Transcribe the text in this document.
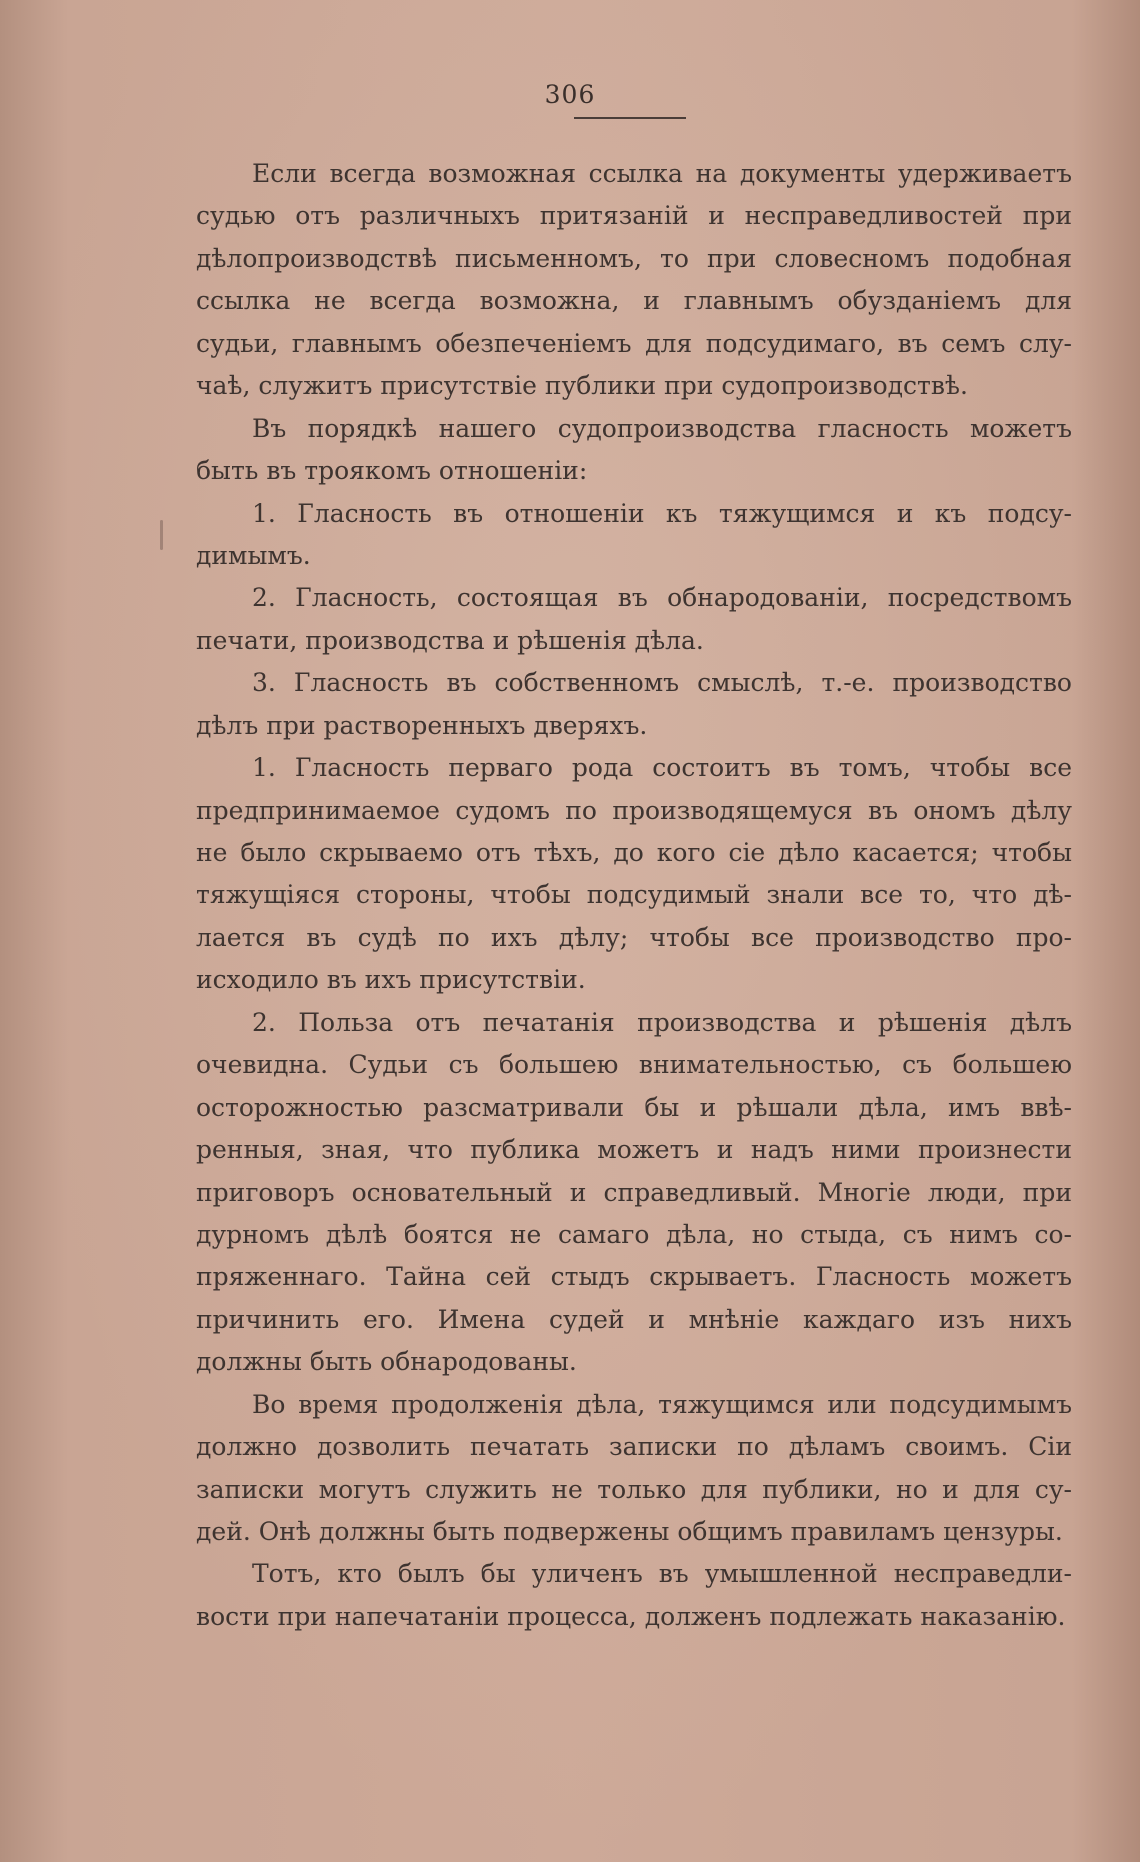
306
Если всегда возможная ссылка на документы удерживаетъ
судью отъ различныхъ притязаній и несправедливостей при
дѣлопроизводствѣ письменномъ, то при словесномъ подобная
ссылка не всегда возможна, и главнымъ обузданіемъ для
судьи, главнымъ обезпеченіемъ для подсудимаго, въ семъ слу-
чаѣ, служитъ присутствіе публики при судопроизводствѣ.
Въ порядкѣ нашего судопроизводства гласность можетъ
быть въ троякомъ отношеніи:
1. Гласность въ отношеніи къ тяжущимся и къ подсу-
димымъ.
2. Гласность, состоящая въ обнародованіи, посредствомъ
печати, производства и рѣшенія дѣла.
3. Гласность въ собственномъ смыслѣ, т.-е. производство
дѣлъ при растворенныхъ дверяхъ.
1. Гласность перваго рода состоитъ въ томъ, чтобы все
предпринимаемое судомъ по производящемуся въ ономъ дѣлу
не было скрываемо отъ тѣхъ, до кого сіе дѣло касается; чтобы
тяжущіяся стороны, чтобы подсудимый знали все то, что дѣ-
лается въ судѣ по ихъ дѣлу; чтобы все производство про-
исходило въ ихъ присутствіи.
2. Польза отъ печатанія производства и рѣшенія дѣлъ
очевидна. Судьи съ большею внимательностью, съ большею
осторожностью разсматривали бы и рѣшали дѣла, имъ ввѣ-
ренныя, зная, что публика можетъ и надъ ними произнести
приговоръ основательный и справедливый. Многіе люди, при
дурномъ дѣлѣ боятся не самаго дѣла, но стыда, съ нимъ со-
пряженнаго. Тайна сей стыдъ скрываетъ. Гласность можетъ
причинить его. Имена судей и мнѣніе каждаго изъ нихъ
должны быть обнародованы.
Во время продолженія дѣла, тяжущимся или подсудимымъ
должно дозволить печатать записки по дѣламъ своимъ. Сіи
записки могутъ служить не только для публики, но и для су-
дей. Онѣ должны быть подвержены общимъ правиламъ цензуры.
Тотъ, кто былъ бы уличенъ въ умышленной несправедли-
вости при напечатаніи процесса, долженъ подлежать наказанію.
